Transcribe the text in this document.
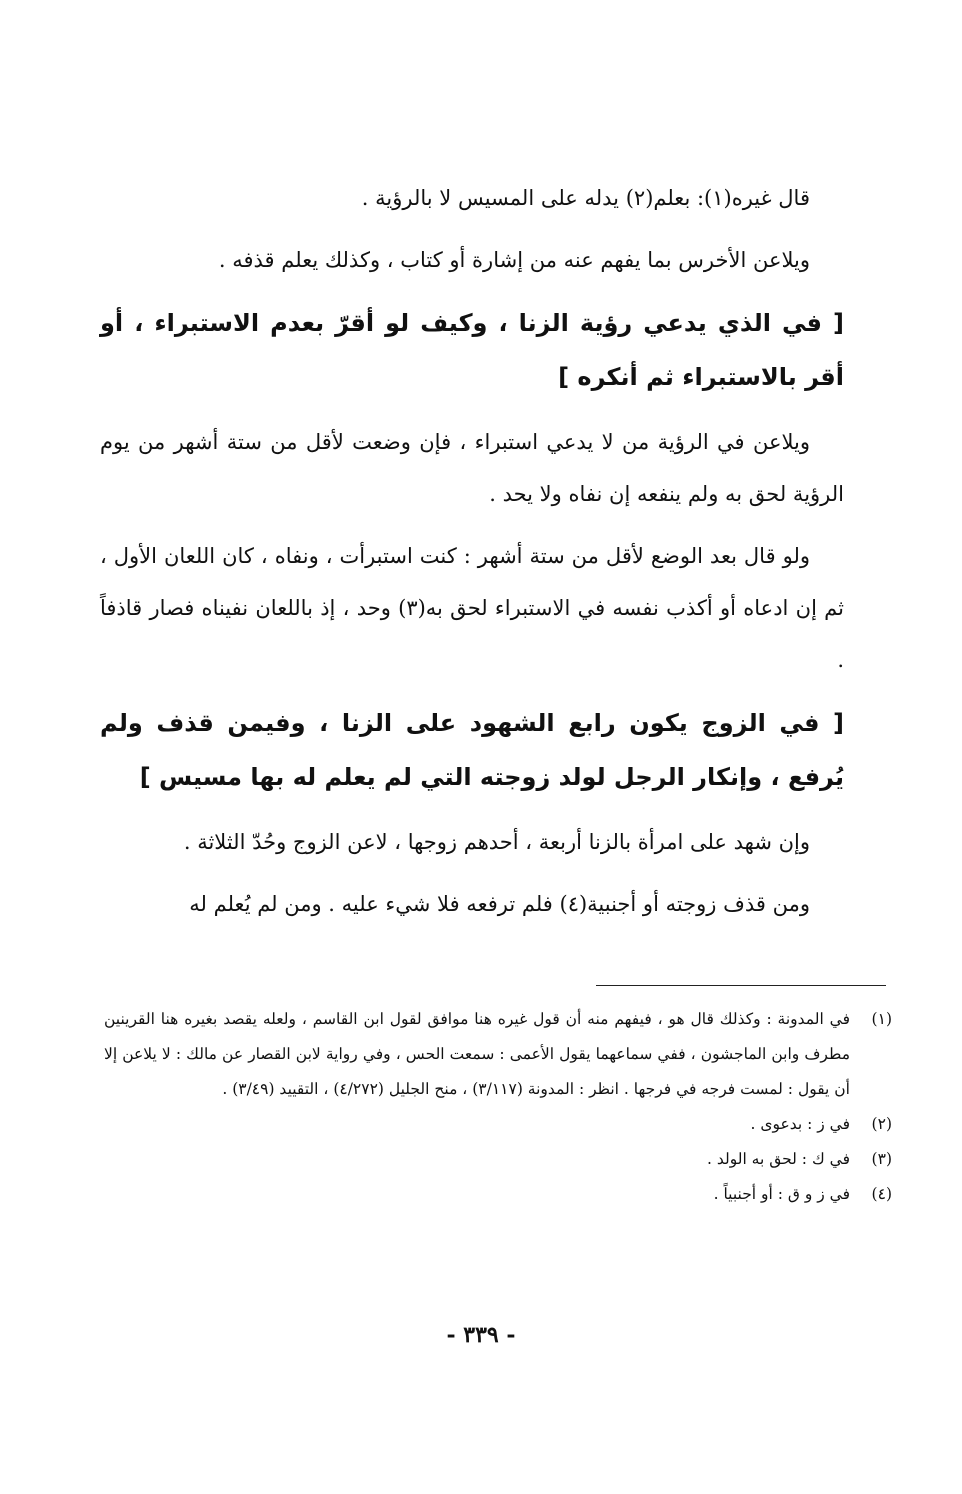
قال غيره(١): بعلم(٢) يدله على المسيس لا بالرؤية .

ويلاعن الأخرس بما يفهم عنه من إشارة أو كتاب ، وكذلك يعلم قذفه .

[ في الذي يدعي رؤية الزنا ، وكيف لو أقرّ بعدم الاستبراء ، أو أقر بالاستبراء ثم أنكره ]

ويلاعن في الرؤية من لا يدعي استبراء ، فإن وضعت لأقل من ستة أشهر من يوم الرؤية لحق به ولم ينفعه إن نفاه ولا يحد .

ولو قال بعد الوضع لأقل من ستة أشهر : كنت استبرأت ، ونفاه ، كان اللعان الأول ، ثم إن ادعاه أو أكذب نفسه في الاستبراء لحق به(٣) وحد ، إذ باللعان نفيناه فصار قاذفاً .

[ في الزوج يكون رابع الشهود على الزنا ، وفيمن قذف ولم يُرفع ، وإنكار الرجل لولد زوجته التي لم يعلم له بها مسيس ]

وإن شهد على امرأة بالزنا أربعة ، أحدهم زوجها ، لاعن الزوج وحُدّ الثلاثة .

ومن قذف زوجته أو أجنبية(٤) فلم ترفعه فلا شيء عليه . ومن لم يُعلم له

(١)
في المدونة : وكذلك قال هو ، فيفهم منه أن قول غيره هنا موافق لقول ابن القاسم ، ولعله يقصد بغيره هنا القرينين مطرف وابن الماجشون ، ففي سماعهما يقول الأعمى : سمعت الحس ، وفي رواية لابن القصار عن مالك : لا يلاعن إلا أن يقول : لمست فرجه في فرجها . انظر : المدونة (٣/١١٧) ، منح الجليل (٤/٢٧٢) ، التقييد (٣/٤٩) .
(٢)
في ز : بدعوى .
(٣)
في ك : لحق به الولد .
(٤)
في ز و ق : أو أجنبياً .
- ٣٣٩ -
